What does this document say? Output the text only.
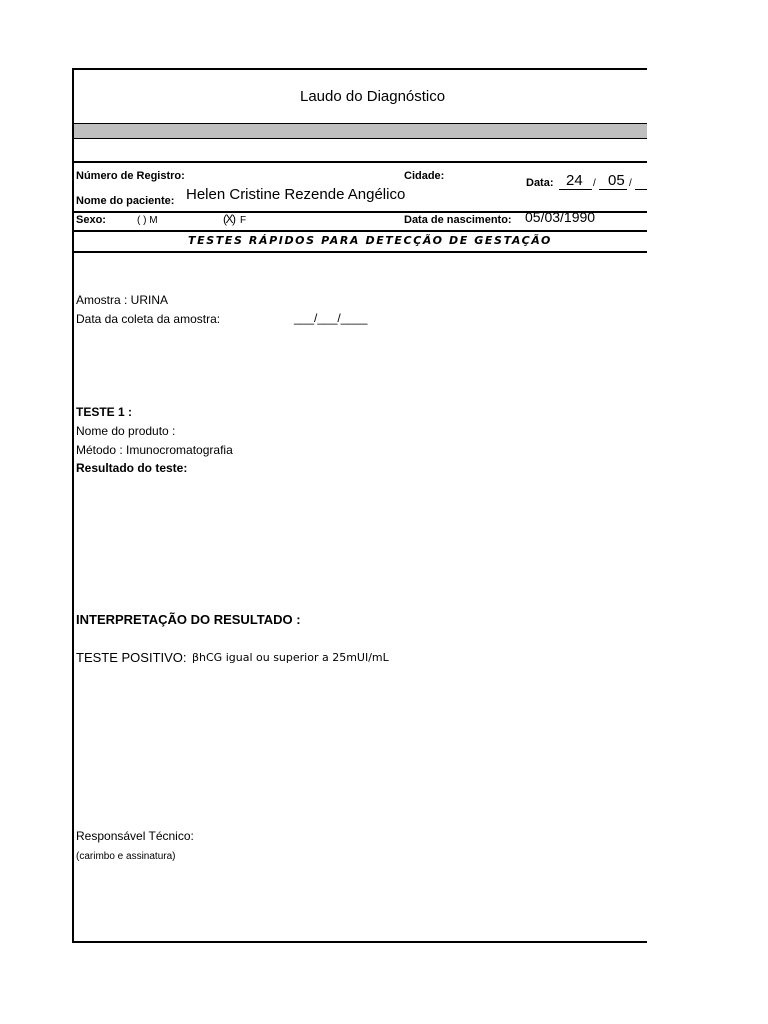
Laudo do Diagnóstico
Número de Registro:	Cidade:
Data: 24 / 05 /
Nome do paciente: Helen Cristine Rezende Angélico
Sexo:	( ) M	(X) F	Data de nascimento: 05/03/1990
TESTES RÁPIDOS PARA DETECÇÃO DE GESTAÇÃO
Amostra : URINA
Data da coleta da amostra:	___/___/____
TESTE 1 :
Nome do produto :
Método : Imunocromatografia
Resultado do teste:
INTERPRETAÇÃO DO RESULTADO :
TESTE POSITIVO: βhCG igual ou superior a 25mUI/mL
Responsável Técnico:
(carimbo e assinatura)
